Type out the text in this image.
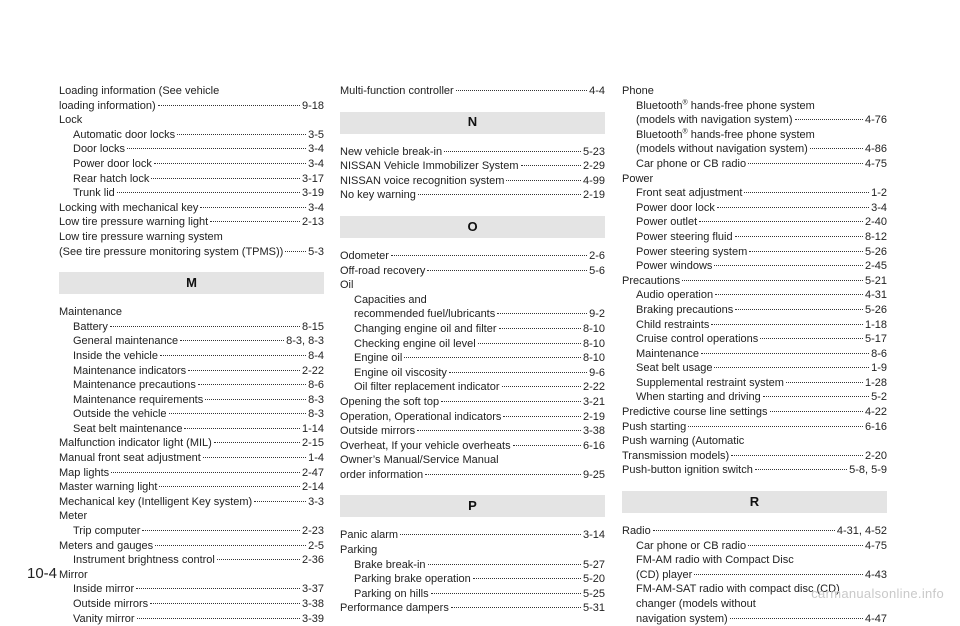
Loading information (See vehicle
loading information)	9-18
Lock
Automatic door locks	3-5
Door locks	3-4
Power door lock	3-4
Rear hatch lock	3-17
Trunk lid	3-19
Locking with mechanical key	3-4
Low tire pressure warning light	2-13
Low tire pressure warning system
(See tire pressure monitoring system (TPMS)) 5-3
M
Maintenance
Battery	8-15
General maintenance	8-3, 8-3
Inside the vehicle	8-4
Maintenance indicators	2-22
Maintenance precautions	8-6
Maintenance requirements	8-3
Outside the vehicle	8-3
Seat belt maintenance	1-14
Malfunction indicator light (MIL)	2-15
Manual front seat adjustment	1-4
Map lights	2-47
Master warning light	2-14
Mechanical key (Intelligent Key system)	3-3
Meter
Trip computer	2-23
Meters and gauges	2-5
Instrument brightness control	2-36
Mirror
Inside mirror	3-37
Outside mirrors	3-38
Vanity mirror	3-39
Multi-function controller	4-4
N
New vehicle break-in	5-23
NISSAN Vehicle Immobilizer System	2-29
NISSAN voice recognition system	4-99
No key warning	2-19
O
Odometer	2-6
Off-road recovery	5-6
Oil
Capacities and
recommended fuel/lubricants	9-2
Changing engine oil and filter	8-10
Checking engine oil level	8-10
Engine oil	8-10
Engine oil viscosity	9-6
Oil filter replacement indicator	2-22
Opening the soft top	3-21
Operation, Operational indicators	2-19
Outside mirrors	3-38
Overheat, If your vehicle overheats	6-16
Owner’s Manual/Service Manual
order information	9-25
P
Panic alarm	3-14
Parking
Brake break-in	5-27
Parking brake operation	5-20
Parking on hills	5-25
Performance dampers	5-31
Phone
Bluetooth® hands-free phone system
(models with navigation system)	4-76
Bluetooth® hands-free phone system
(models without navigation system)	4-86
Car phone or CB radio	4-75
Power
Front seat adjustment	1-2
Power door lock	3-4
Power outlet	2-40
Power steering fluid	8-12
Power steering system	5-26
Power windows	2-45
Precautions	5-21
Audio operation	4-31
Braking precautions	5-26
Child restraints	1-18
Cruise control operations	5-17
Maintenance	8-6
Seat belt usage	1-9
Supplemental restraint system	1-28
When starting and driving	5-2
Predictive course line settings	4-22
Push starting	6-16
Push warning (Automatic
Transmission models)	2-20
Push-button ignition switch	5-8, 5-9
R
Radio	4-31, 4-52
Car phone or CB radio	4-75
FM-AM radio with Compact Disc
(CD) player	4-43
FM-AM-SAT radio with compact disc (CD)
changer (models without
navigation system)	4-47
10-4
carmanualsonline.info
